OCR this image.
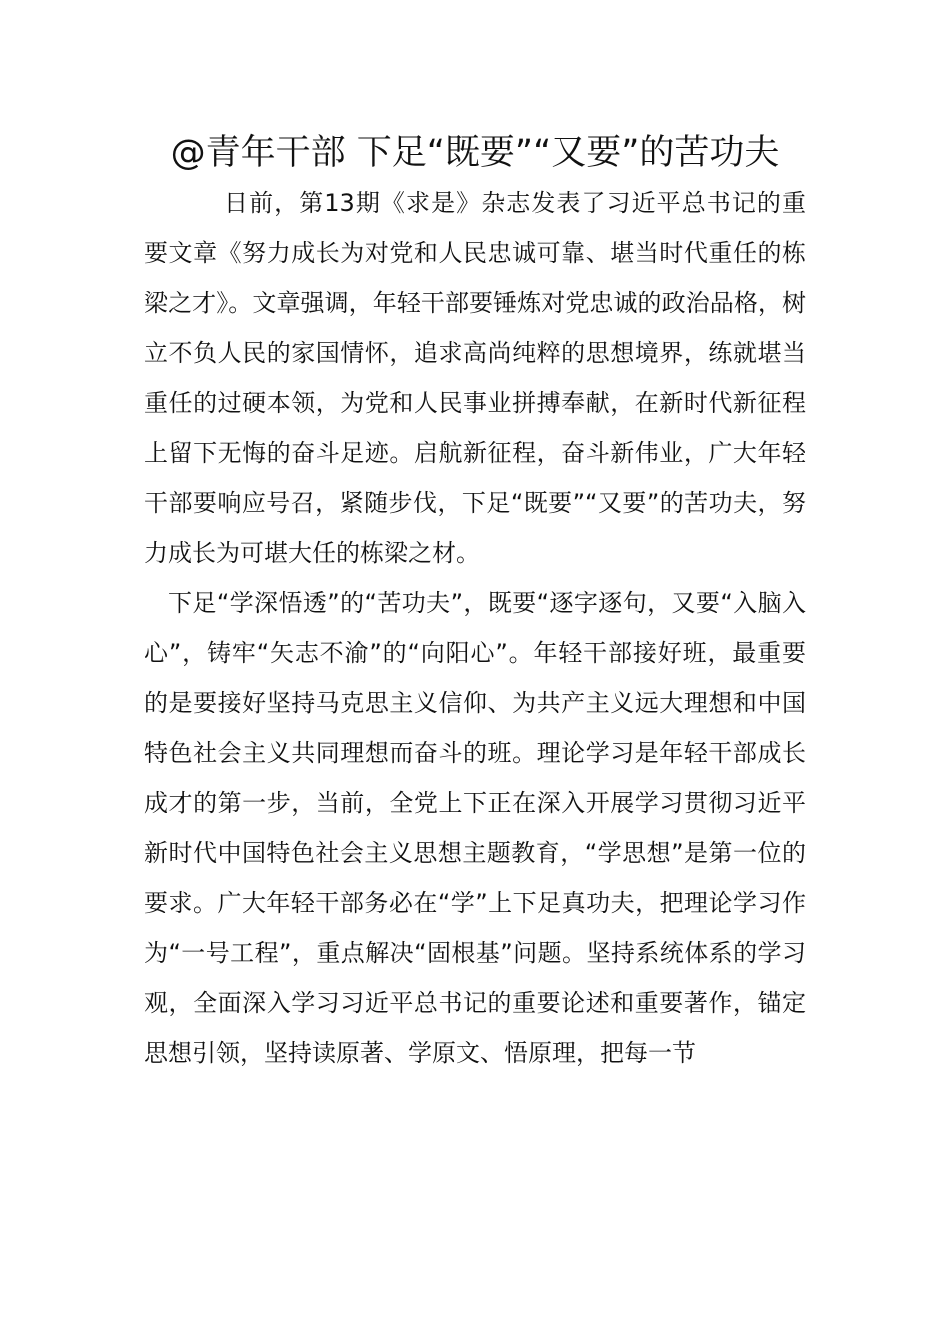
@青年干部 下足“既要”“又要”的苦功夫

日前，第13期《求是》杂志发表了习近平总书记的重要文章《努力成长为对党和人民忠诚可靠、堪当时代重任的栋梁之才》。文章强调，年轻干部要锤炼对党忠诚的政治品格，树立不负人民的家国情怀，追求高尚纯粹的思想境界，练就堪当重任的过硬本领，为党和人民事业拼搏奉献，在新时代新征程上留下无悔的奋斗足迹。启航新征程，奋斗新伟业，广大年轻干部要响应号召，紧随步伐，下足“既要”“又要”的苦功夫，努力成长为可堪大任的栋梁之材。

下足“学深悟透”的“苦功夫”，既要“逐字逐句，又要“入脑入心”，铸牢“矢志不渝”的“向阳心”。年轻干部接好班，最重要的是要接好坚持马克思主义信仰、为共产主义远大理想和中国特色社会主义共同理想而奋斗的班。理论学习是年轻干部成长成才的第一步，当前，全党上下正在深入开展学习贯彻习近平新时代中国特色社会主义思想主题教育，“学思想”是第一位的要求。广大年轻干部务必在“学”上下足真功夫，把理论学习作为“一号工程”，重点解决“固根基”问题。坚持系统体系的学习观，全面深入学习习近平总书记的重要论述和重要著作，锚定思想引领，坚持读原著、学原文、悟原理，把每一节
